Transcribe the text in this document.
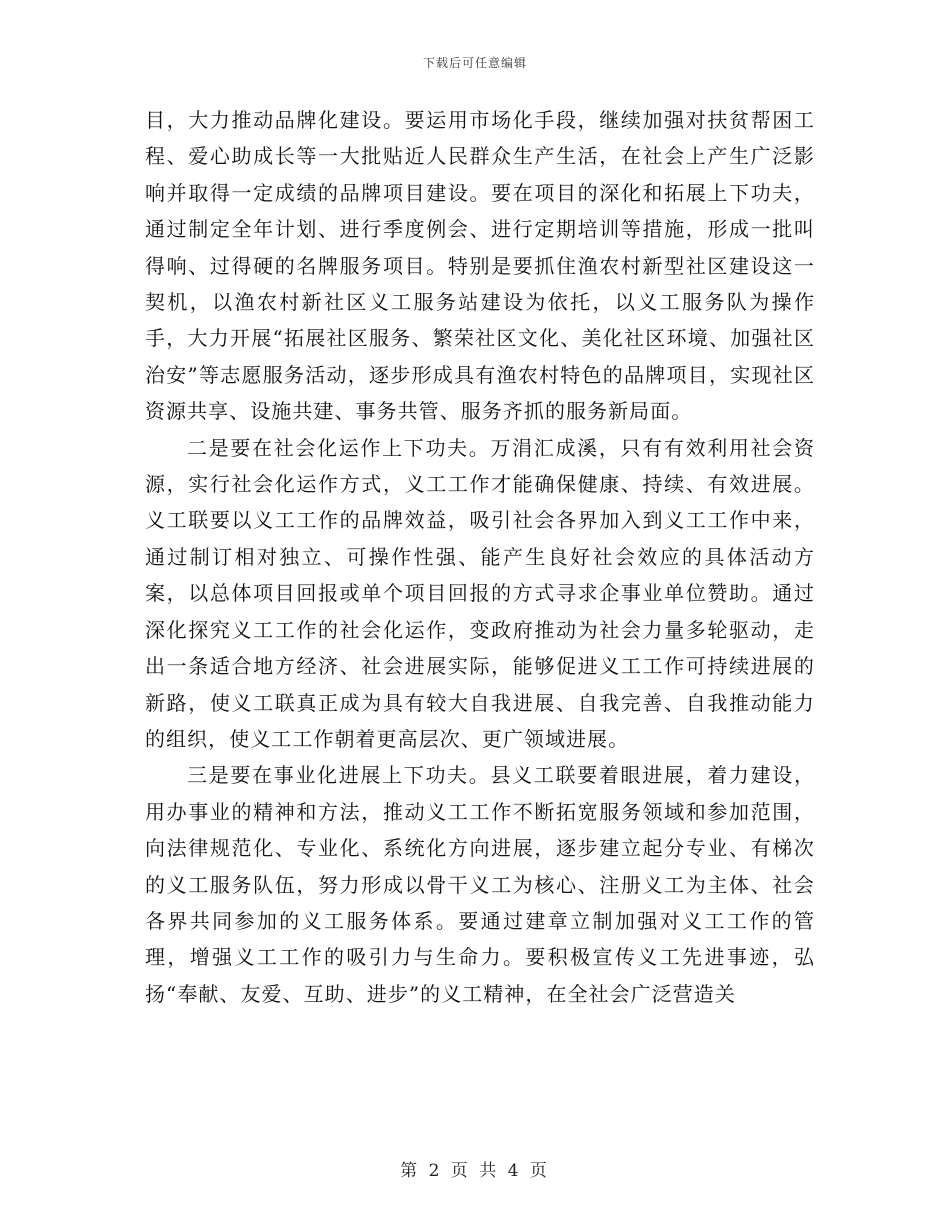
下载后可任意编辑

目，大力推动品牌化建设。要运用市场化手段，继续加强对扶贫帮困工程、爱心助成长等一大批贴近人民群众生产生活，在社会上产生广泛影响并取得一定成绩的品牌项目建设。要在项目的深化和拓展上下功夫，通过制定全年计划、进行季度例会、进行定期培训等措施，形成一批叫得响、过得硬的名牌服务项目。特别是要抓住渔农村新型社区建设这一契机，以渔农村新社区义工服务站建设为依托，以义工服务队为操作手，大力开展“拓展社区服务、繁荣社区文化、美化社区环境、加强社区治安”等志愿服务活动，逐步形成具有渔农村特色的品牌项目，实现社区资源共享、设施共建、事务共管、服务齐抓的服务新局面。

二是要在社会化运作上下功夫。万涓汇成溪，只有有效利用社会资源，实行社会化运作方式，义工工作才能确保健康、持续、有效进展。义工联要以义工工作的品牌效益，吸引社会各界加入到义工工作中来，通过制订相对独立、可操作性强、能产生良好社会效应的具体活动方案，以总体项目回报或单个项目回报的方式寻求企事业单位赞助。通过深化探究义工工作的社会化运作，变政府推动为社会力量多轮驱动，走出一条适合地方经济、社会进展实际，能够促进义工工作可持续进展的新路，使义工联真正成为具有较大自我进展、自我完善、自我推动能力的组织，使义工工作朝着更高层次、更广领域进展。

三是要在事业化进展上下功夫。县义工联要着眼进展，着力建设，用办事业的精神和方法，推动义工工作不断拓宽服务领域和参加范围，向法律规范化、专业化、系统化方向进展，逐步建立起分专业、有梯次的义工服务队伍，努力形成以骨干义工为核心、注册义工为主体、社会各界共同参加的义工服务体系。要通过建章立制加强对义工工作的管理，增强义工工作的吸引力与生命力。要积极宣传义工先进事迹，弘扬“奉献、友爱、互助、进步”的义工精神，在全社会广泛营造关

第 2 页 共 4 页
